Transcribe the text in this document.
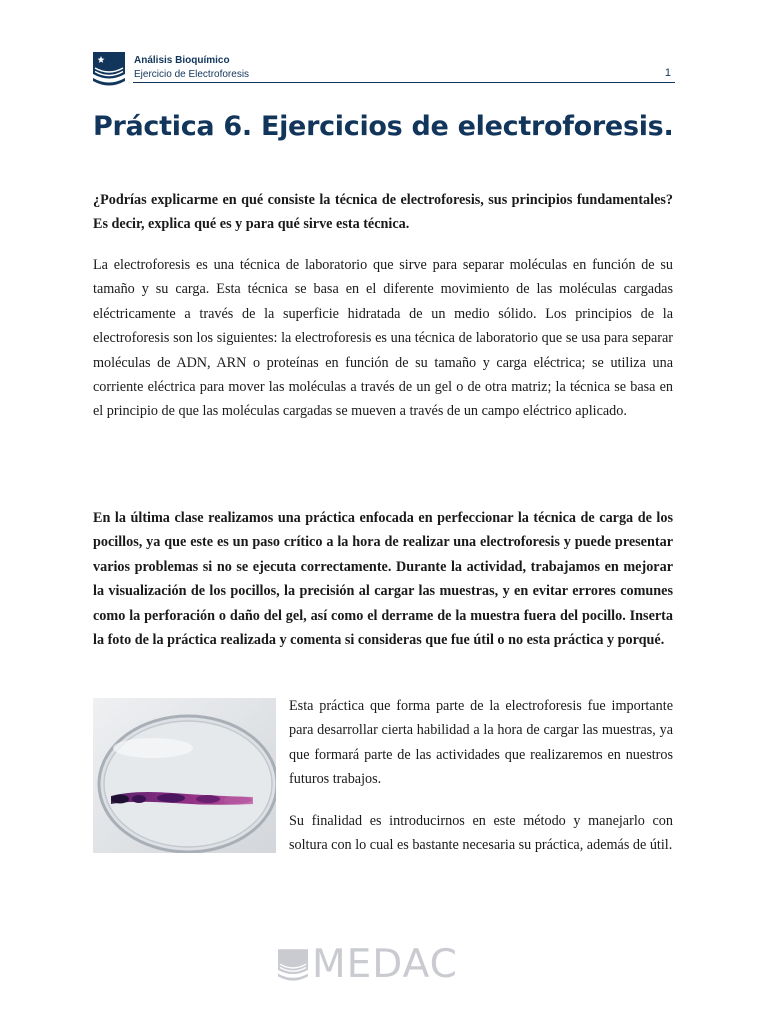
Análisis Bioquímico
Ejercicio de Electroforesis	1
Práctica 6. Ejercicios de electroforesis.

¿Podrías explicarme en qué consiste la técnica de electroforesis, sus principios fundamentales? Es decir, explica qué es y para qué sirve esta técnica.

La electroforesis es una técnica de laboratorio que sirve para separar moléculas en función de su tamaño y su carga. Esta técnica se basa en el diferente movimiento de las moléculas cargadas eléctricamente a través de la superficie hidratada de un medio sólido. Los principios de la electroforesis son los siguientes: la electroforesis es una técnica de laboratorio que se usa para separar moléculas de ADN, ARN o proteínas en función de su tamaño y carga eléctrica; se utiliza una corriente eléctrica para mover las moléculas a través de un gel o de otra matriz; la técnica se basa en el principio de que las moléculas cargadas se mueven a través de un campo eléctrico aplicado.

En la última clase realizamos una práctica enfocada en perfeccionar la técnica de carga de los pocillos, ya que este es un paso crítico a la hora de realizar una electroforesis y puede presentar varios problemas si no se ejecuta correctamente. Durante la actividad, trabajamos en mejorar la visualización de los pocillos, la precisión al cargar las muestras, y en evitar errores comunes como la perforación o daño del gel, así como el derrame de la muestra fuera del pocillo. Inserta la foto de la práctica realizada y comenta si consideras que fue útil o no esta práctica y porqué.

Esta práctica que forma parte de la electroforesis fue importante para desarrollar cierta habilidad a la hora de cargar las muestras, ya que formará parte de las actividades que realizaremos en nuestros futuros trabajos.

Su finalidad es introducirnos en este método y manejarlo con soltura con lo cual es bastante necesaria su práctica, además de útil.

MEDAC
